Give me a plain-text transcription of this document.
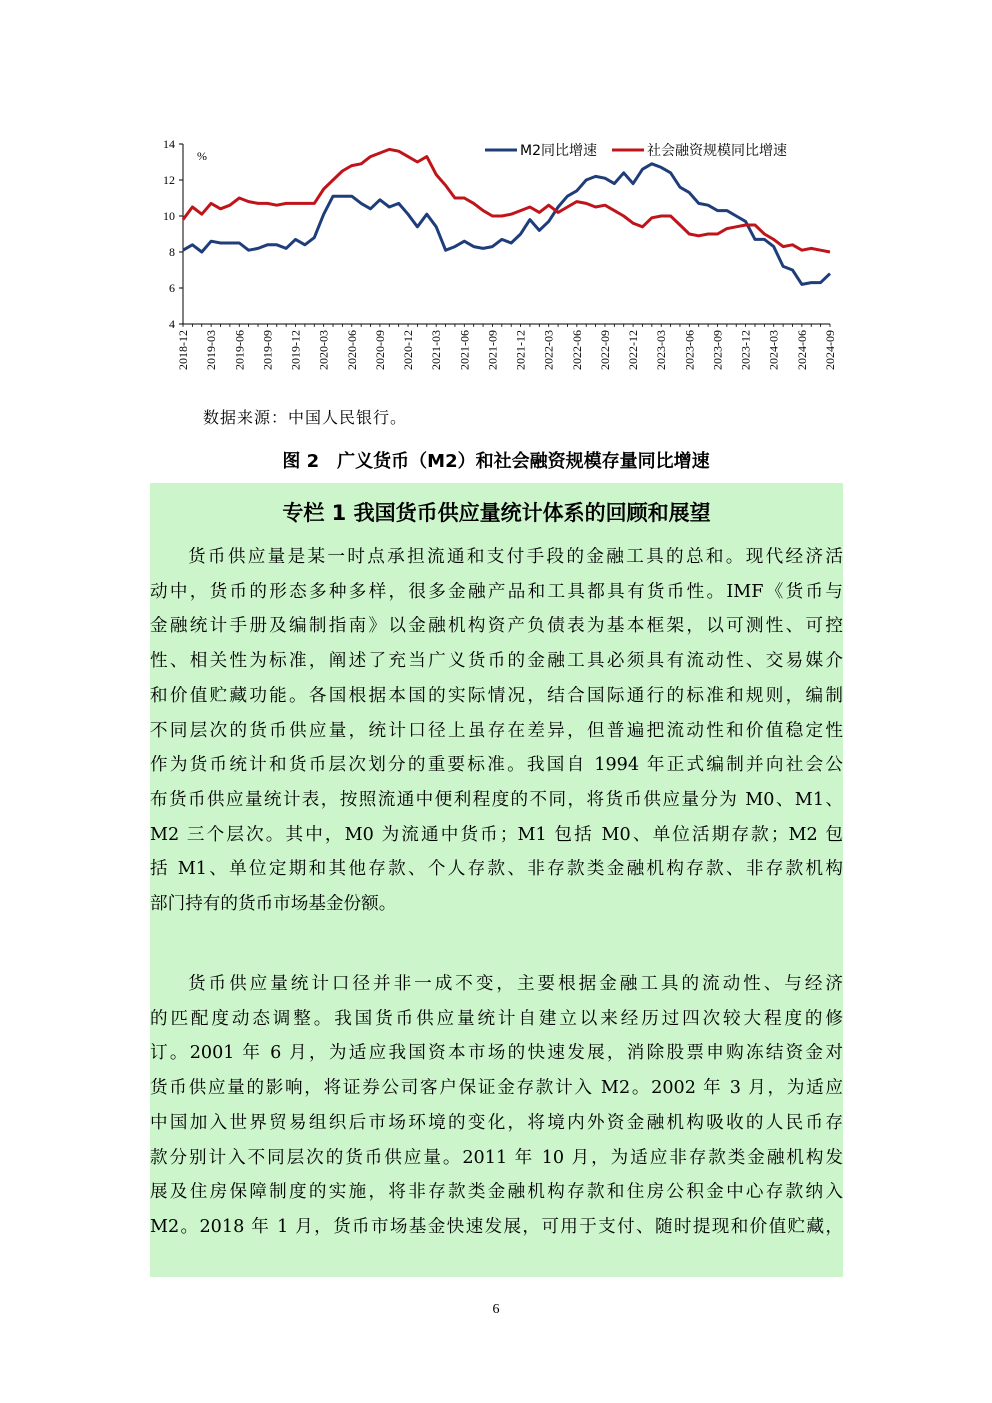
4
6
8
10
12
14
%
2018-12 2019-03 2019-06 2019-09 2019-12 2020-03 2020-06 2020-09 2020-12 2021-03 2021-06 2021-09 2021-12 2022-03 2022-06 2022-09 2022-12 2023-03 2023-06 2023-09 2023-12 2024-03 2024-06 2024-09
M2同比增速	社会融资规模同比增速
数据来源：中国人民银行。
图 2　广义货币（M2）和社会融资规模存量同比增速
专栏 1 我国货币供应量统计体系的回顾和展望
货币供应量是某一时点承担流通和支付手段的金融工具的总和。现代经济活
动中，货币的形态多种多样，很多金融产品和工具都具有货币性。IMF《货币与
金融统计手册及编制指南》以金融机构资产负债表为基本框架，以可测性、可控
性、相关性为标准，阐述了充当广义货币的金融工具必须具有流动性、交易媒介
和价值贮藏功能。各国根据本国的实际情况，结合国际通行的标准和规则，编制
不同层次的货币供应量，统计口径上虽存在差异，但普遍把流动性和价值稳定性
作为货币统计和货币层次划分的重要标准。我国自 1994 年正式编制并向社会公
布货币供应量统计表，按照流通中便利程度的不同，将货币供应量分为 M0、M1、
M2 三个层次。其中，M0 为流通中货币；M1 包括 M0、单位活期存款；M2 包
括 M1、单位定期和其他存款、个人存款、非存款类金融机构存款、非存款机构
部门持有的货币市场基金份额。
货币供应量统计口径并非一成不变，主要根据金融工具的流动性、与经济
的匹配度动态调整。我国货币供应量统计自建立以来经历过四次较大程度的修
订。2001 年 6 月，为适应我国资本市场的快速发展，消除股票申购冻结资金对
货币供应量的影响，将证券公司客户保证金存款计入 M2。2002 年 3 月，为适应
中国加入世界贸易组织后市场环境的变化，将境内外资金融机构吸收的人民币存
款分别计入不同层次的货币供应量。2011 年 10 月，为适应非存款类金融机构发
展及住房保障制度的实施，将非存款类金融机构存款和住房公积金中心存款纳入
M2。2018 年 1 月，货币市场基金快速发展，可用于支付、随时提现和价值贮藏，
6
